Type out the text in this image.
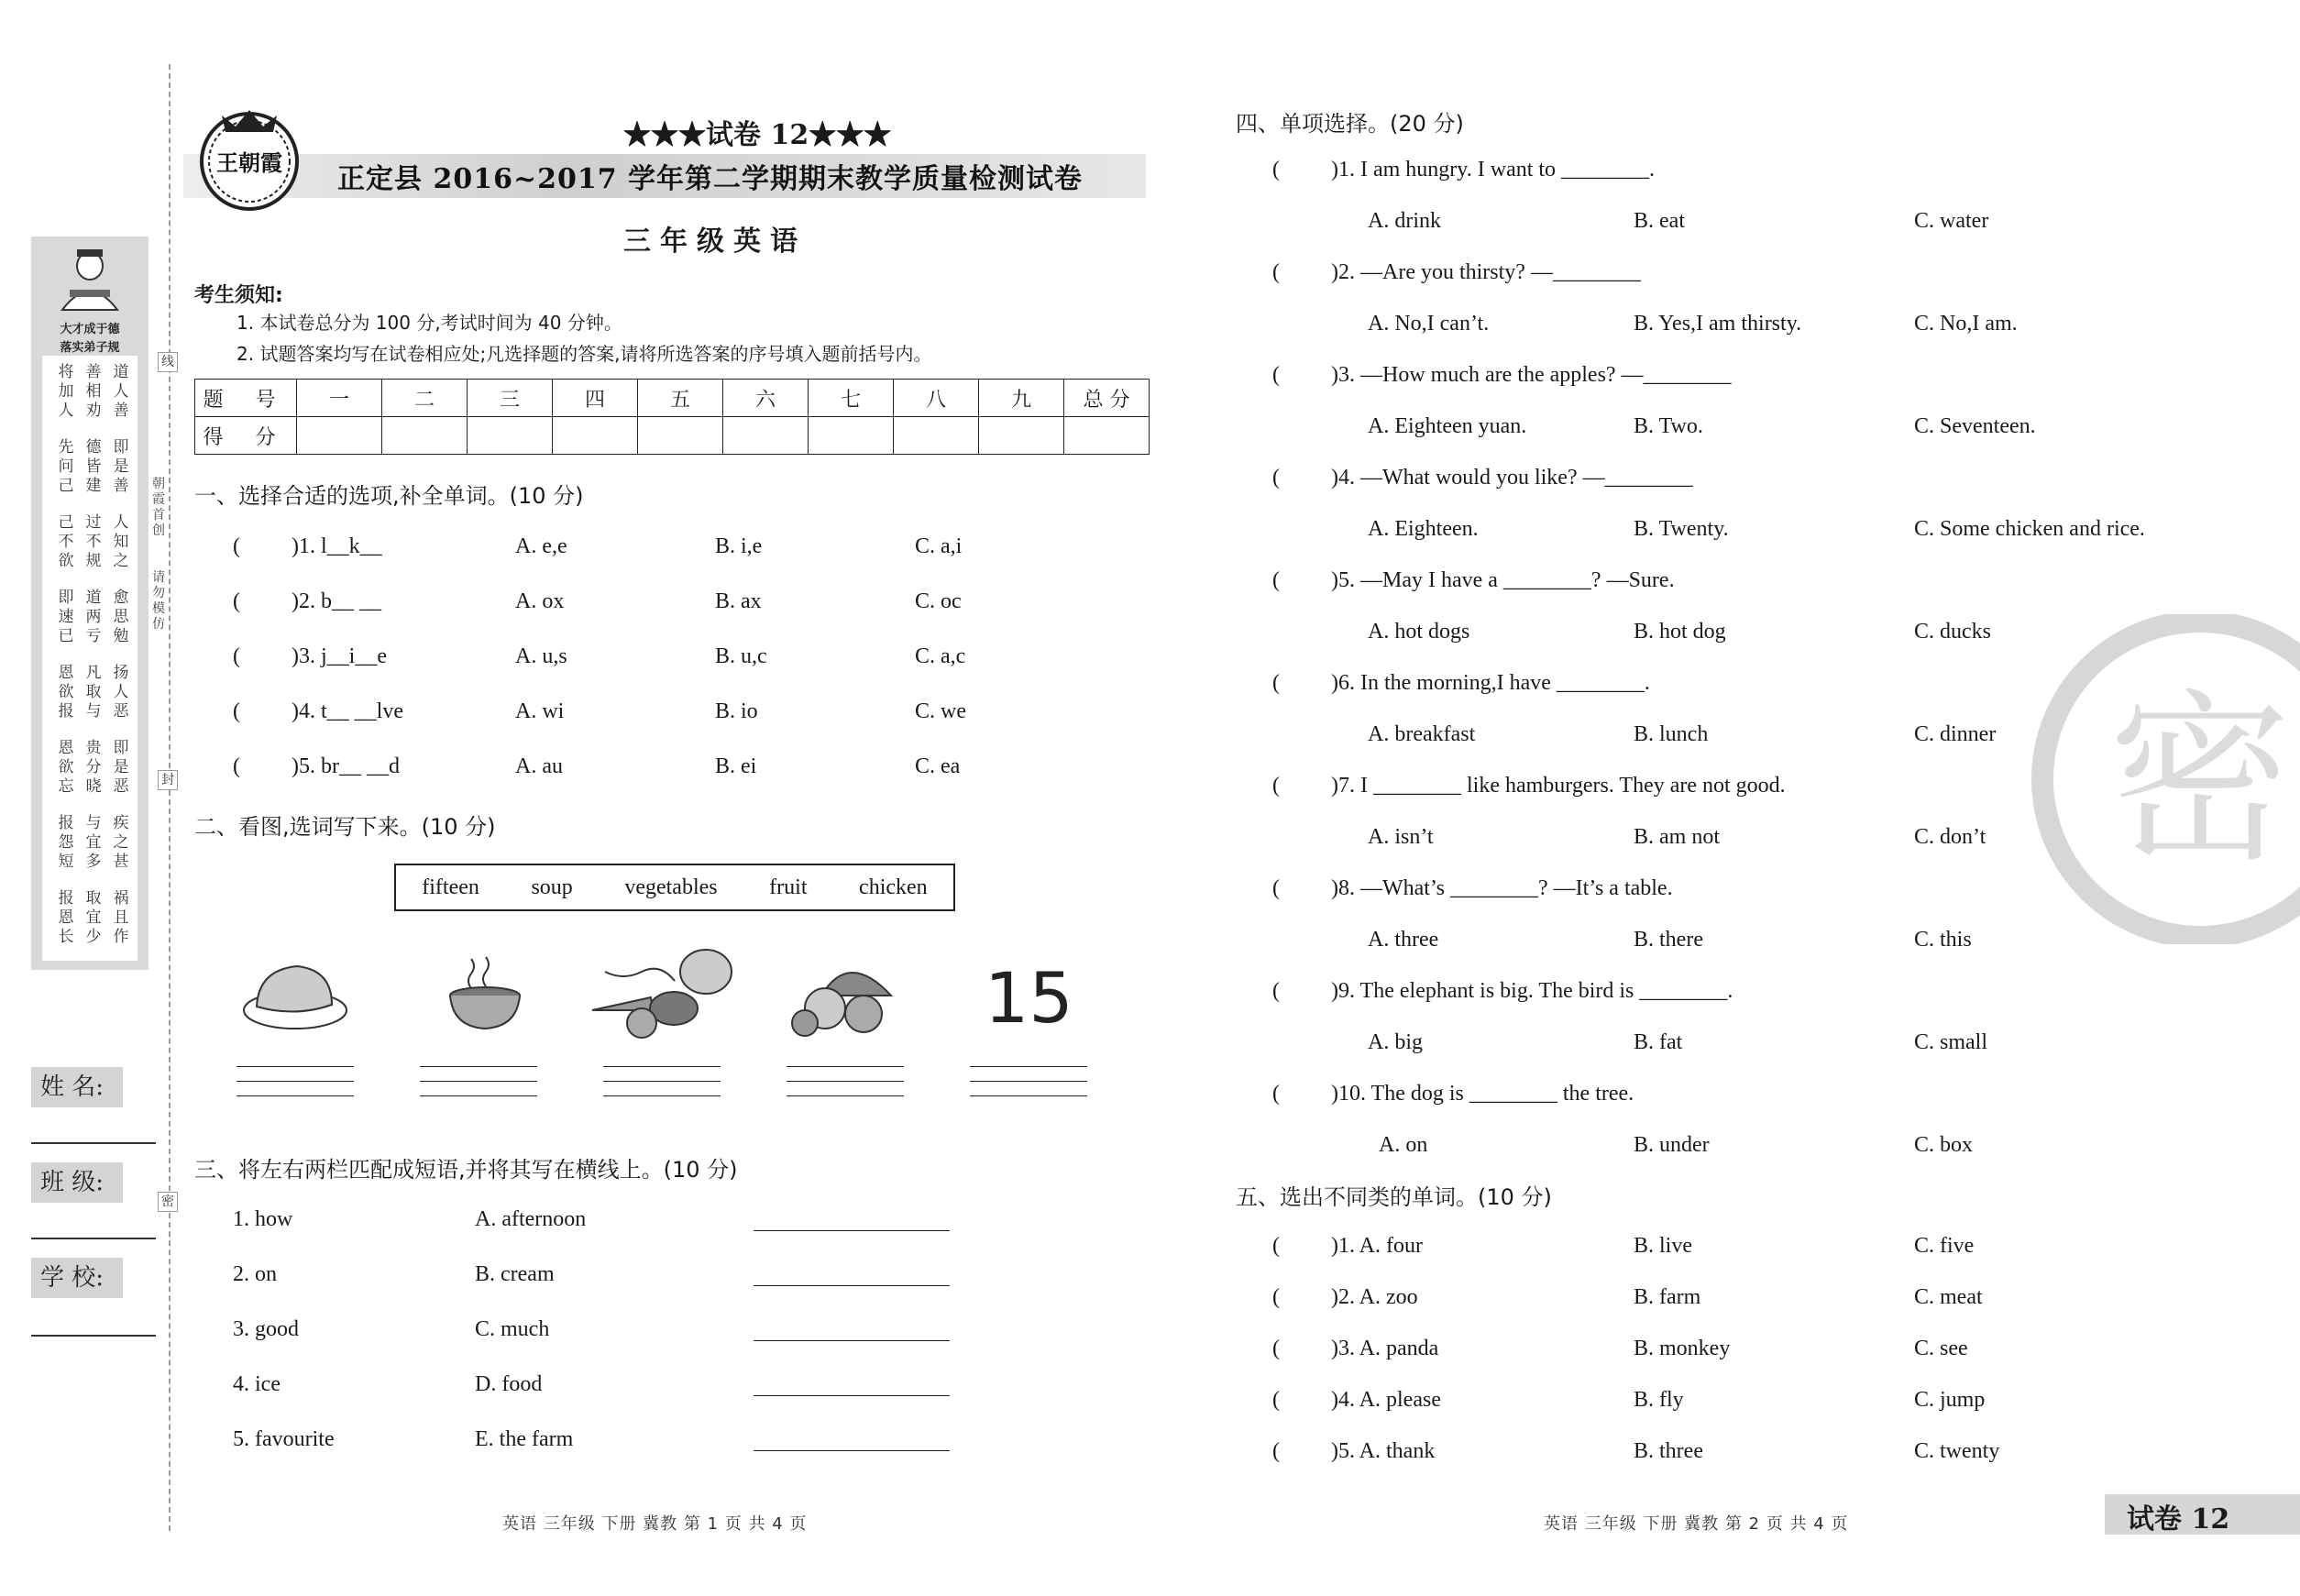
大才成于德
落实弟子规
道人善
善相劝
将加人
即是善
德皆建
先问己
人知之
过不规
己不欲
愈思勉
道两亏
即速已
扬人恶
凡取与
恩欲报
即是恶
贵分晓
恩欲忘
疾之甚
与宜多
报怨短
祸且作
取宜少
报恩长
线
封
密
朝霞首创
请勿模仿
姓 名:
班 级:
学 校:
王朝霞
★★★试卷 12★★★
正定县 2016~2017 学年第二学期期末教学质量检测试卷
三年级英语
考生须知:
1. 本试卷总分为 100 分,考试时间为 40 分钟。
2. 试题答案均写在试卷相应处;凡选择题的答案,请将所选答案的序号填入题前括号内。
题 号	一	二	三	四	五	六	七	八	九	总 分
得 分										
一、选择合适的选项,补全单词。(10 分)
( )1. l__k__	A. e,e	B. i,e	C. a,i
( )2. b__ __	A. ox	B. ax	C. oc
( )3. j__i__e	A. u,s	B. u,c	C. a,c
( )4. t__ __lve	A. wi	B. io	C. we
( )5. br__ __d	A. au	B. ei	C. ea
二、看图,选词写下来。(10 分)
fifteen soup vegetables fruit chicken
15
三、将左右两栏匹配成短语,并将其写在横线上。(10 分)
1. how	A. afternoon
2. on	B. cream
3. good	C. much
4. ice	D. food
5. favourite	E. the farm
英语 三年级 下册 冀教 第 1 页 共 4 页
密
四、单项选择。(20 分)
( )1. I am hungry. I want to ________.
A. drink	B. eat	C. water
( )2. —Are you thirsty? —________
A. No,I can’t.	B. Yes,I am thirsty.	C. No,I am.
( )3. —How much are the apples? —________
A. Eighteen yuan.	B. Two.	C. Seventeen.
( )4. —What would you like? —________
A. Eighteen.	B. Twenty.	C. Some chicken and rice.
( )5. —May I have a ________? —Sure.
A. hot dogs	B. hot dog	C. ducks
( )6. In the morning,I have ________.
A. breakfast	B. lunch	C. dinner
( )7. I ________ like hamburgers. They are not good.
A. isn’t	B. am not	C. don’t
( )8. —What’s ________? —It’s a table.
A. three	B. there	C. this
( )9. The elephant is big. The bird is ________.
A. big	B. fat	C. small
( )10. The dog is ________ the tree.
A. on	B. under	C. box
五、选出不同类的单词。(10 分)
( )1. A. four	B. live	C. five
( )2. A. zoo	B. farm	C. meat
( )3. A. panda	B. monkey	C. see
( )4. A. please	B. fly	C. jump
( )5. A. thank	B. three	C. twenty
英语 三年级 下册 冀教 第 2 页 共 4 页	试卷 12
